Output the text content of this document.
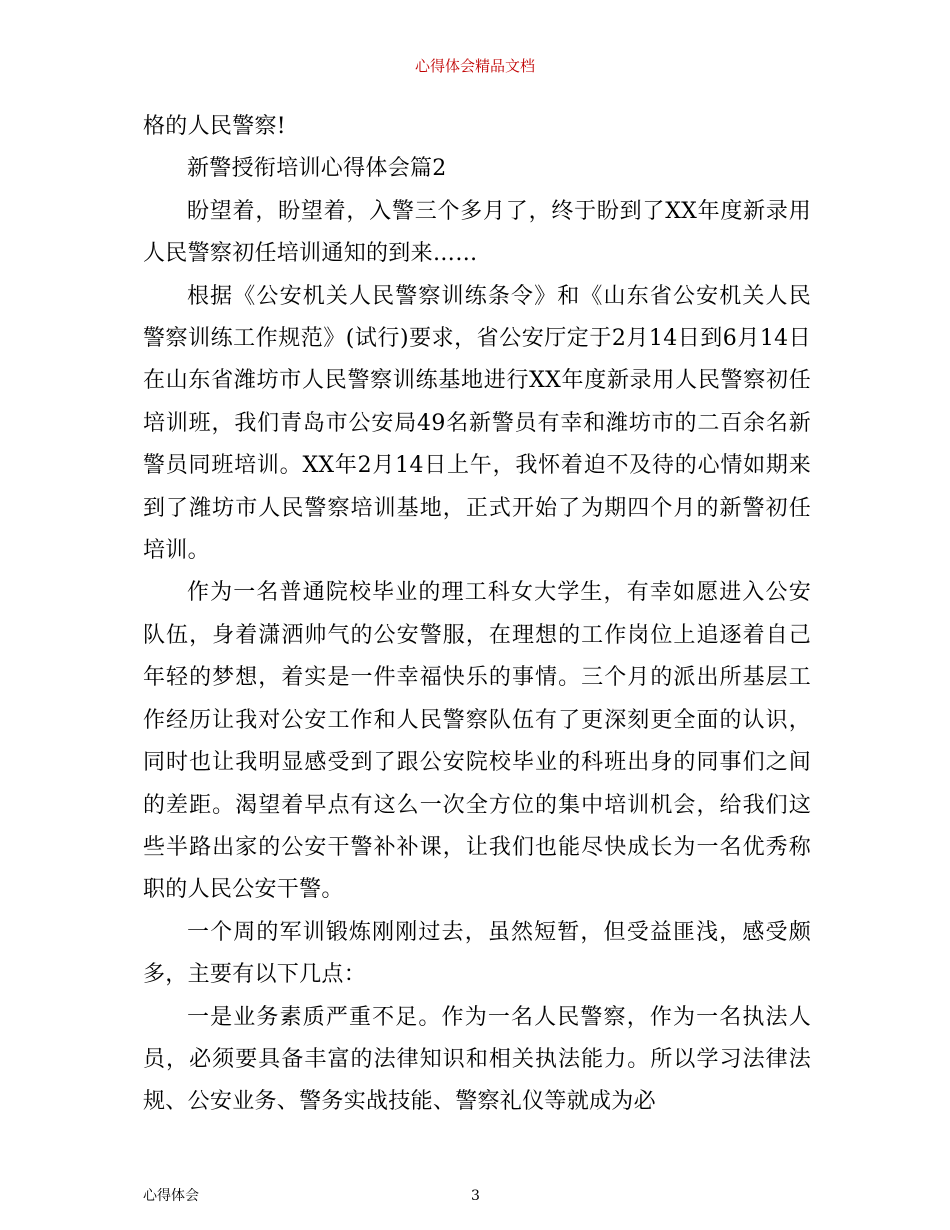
心得体会精品文档

格的人民警察!

新警授衔培训心得体会篇2

盼望着，盼望着，入警三个多月了，终于盼到了XX年度新录用人民警察初任培训通知的到来……

根据《公安机关人民警察训练条令》和《山东省公安机关人民警察训练工作规范》(试行)要求，省公安厅定于2月14日到6月14日在山东省潍坊市人民警察训练基地进行XX年度新录用人民警察初任培训班，我们青岛市公安局49名新警员有幸和潍坊市的二百余名新警员同班培训。XX年2月14日上午，我怀着迫不及待的心情如期来到了潍坊市人民警察培训基地，正式开始了为期四个月的新警初任培训。

作为一名普通院校毕业的理工科女大学生，有幸如愿进入公安队伍，身着潇洒帅气的公安警服，在理想的工作岗位上追逐着自己年轻的梦想，着实是一件幸福快乐的事情。三个月的派出所基层工作经历让我对公安工作和人民警察队伍有了更深刻更全面的认识，同时也让我明显感受到了跟公安院校毕业的科班出身的同事们之间的差距。渴望着早点有这么一次全方位的集中培训机会，给我们这些半路出家的公安干警补补课，让我们也能尽快成长为一名优秀称职的人民公安干警。

一个周的军训锻炼刚刚过去，虽然短暂，但受益匪浅，感受颇多，主要有以下几点：

一是业务素质严重不足。作为一名人民警察，作为一名执法人员，必须要具备丰富的法律知识和相关执法能力。所以学习法律法规、公安业务、警务实战技能、警察礼仪等就成为必

心得体会	3
